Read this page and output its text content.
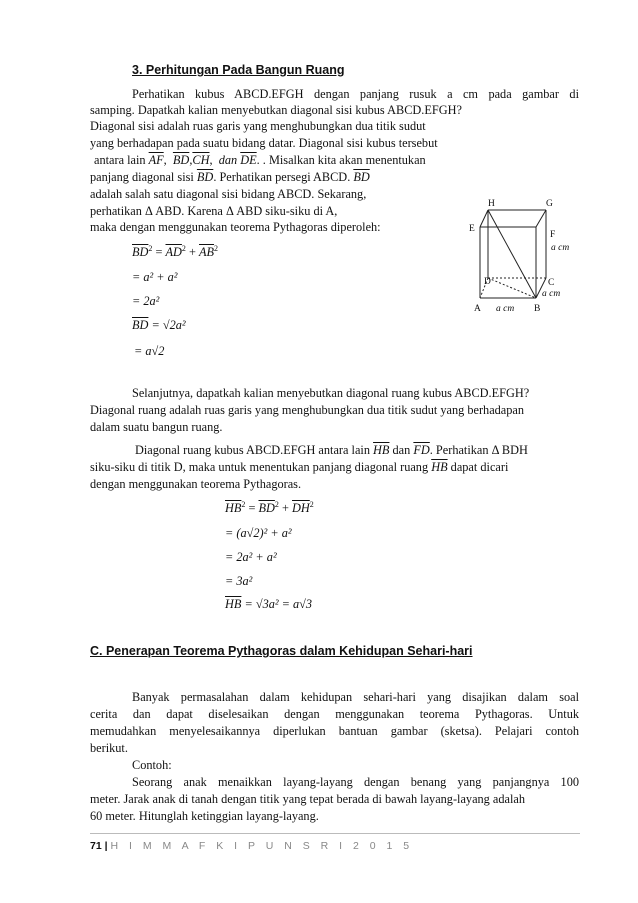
3. Perhitungan Pada Bangun Ruang
Perhatikan kubus ABCD.EFGH dengan panjang rusuk a cm pada gambar di
samping. Dapatkah kalian menyebutkan diagonal sisi kubus ABCD.EFGH?
Diagonal sisi adalah ruas garis yang menghubungkan dua titik sudut
yang berhadapan pada suatu bidang datar. Diagonal sisi kubus tersebut
antara lain $\overline{AF}$,  $\overline{BD},\overline{CH}$,  dan $\overline{DE}$. . Misalkan kita akan menentukan
panjang diagonal sisi $\overline{BD}$. Perhatikan persegi ABCD. $\overline{BD}$
adalah salah satu diagonal sisi bidang ABCD. Sekarang,
perhatikan Δ ABD. Karena Δ ABD siku-siku di A,
maka dengan menggunakan teorema Pythagoras diperoleh:
$\overline{BD}^2 = \overline{AD}^2 + \overline{AB}^2$
= a² + a²
= 2a²
$\overline{BD} = √2a^2$
= a√2
H	G
E
F
D	C
A	B
a cm
a cm
a cm
Selanjutnya, dapatkah kalian menyebutkan diagonal ruang kubus ABCD.EFGH?
Diagonal ruang adalah ruas garis yang menghubungkan dua titik sudut yang berhadapan
dalam suatu bangun ruang.
Diagonal ruang kubus ABCD.EFGH antara lain $\overline{HB}$ dan $\overline{FD}$. Perhatikan Δ BDH
siku-siku di titik D, maka untuk menentukan panjang diagonal ruang $\overline{HB}$ dapat dicari
dengan menggunakan teorema Pythagoras.
$\overline{HB}^2 = \overline{BD}^2 + \overline{DH}^2$
= (a√2)² + a²
= 2a² + a²
= 3a²
$\overline{HB} = √3a^2 = a√3$
C. Penerapan Teorema Pythagoras dalam Kehidupan Sehari-hari
Banyak permasalahan dalam kehidupan sehari-hari yang disajikan dalam soal
cerita dan dapat diselesaikan dengan menggunakan teorema Pythagoras. Untuk
memudahkan menyelesaikannya diperlukan bantuan gambar (sketsa). Pelajari contoh
berikut.
Contoh:
Seorang anak menaikkan layang-layang dengan benang yang panjangnya 100
meter. Jarak anak di tanah dengan titik yang tepat berada di bawah layang-layang adalah
60 meter. Hitunglah ketinggian layang-layang.
71 | H I M M A F K I P U N S R I 2 0 1 5
